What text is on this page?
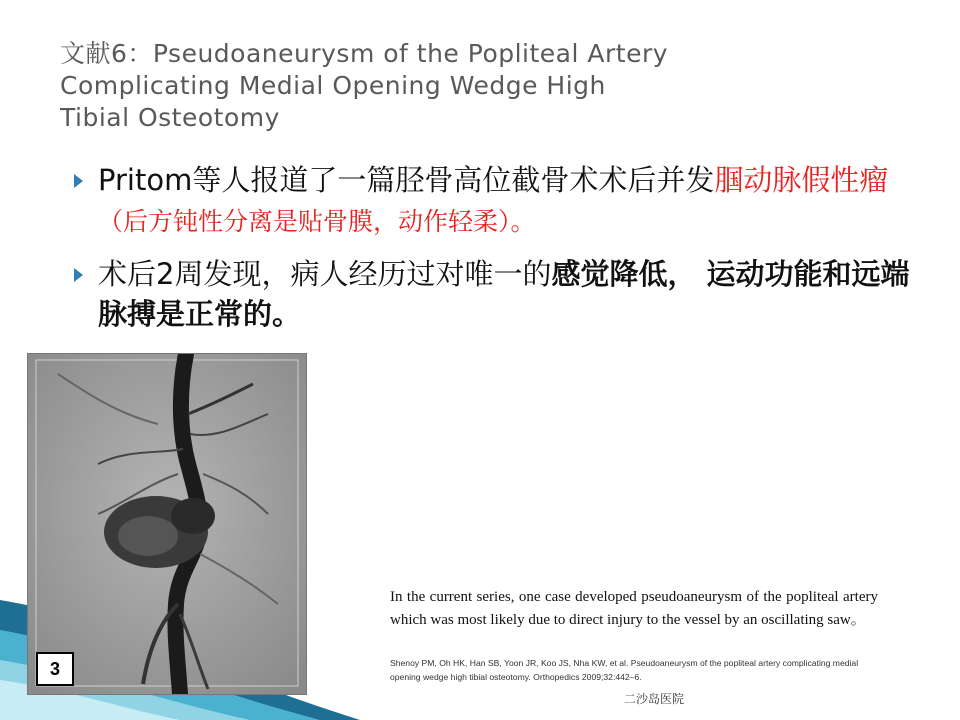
文献6：Pseudoaneurysm of the Popliteal Artery
Complicating Medial Opening Wedge High
Tibial Osteotomy
Pritom等人报道了一篇胫骨高位截骨术术后并发腘动脉假性瘤（后方钝性分离是贴骨膜，动作轻柔）。
术后2周发现，病人经历过对唯一的感觉降低， 运动功能和远端脉搏是正常的。
3
In the current series, one case developed pseudoaneurysm of the popliteal artery which was most likely due to direct injury to the vessel by an oscillating saw。
Shenoy PM, Oh HK, Han SB, Yoon JR, Koo JS, Nha KW, et al. Pseudoaneurysm of the popliteal artery complicating medial opening wedge high tibial osteotomy. Orthopedics 2009;32:442–6.
二沙岛医院
